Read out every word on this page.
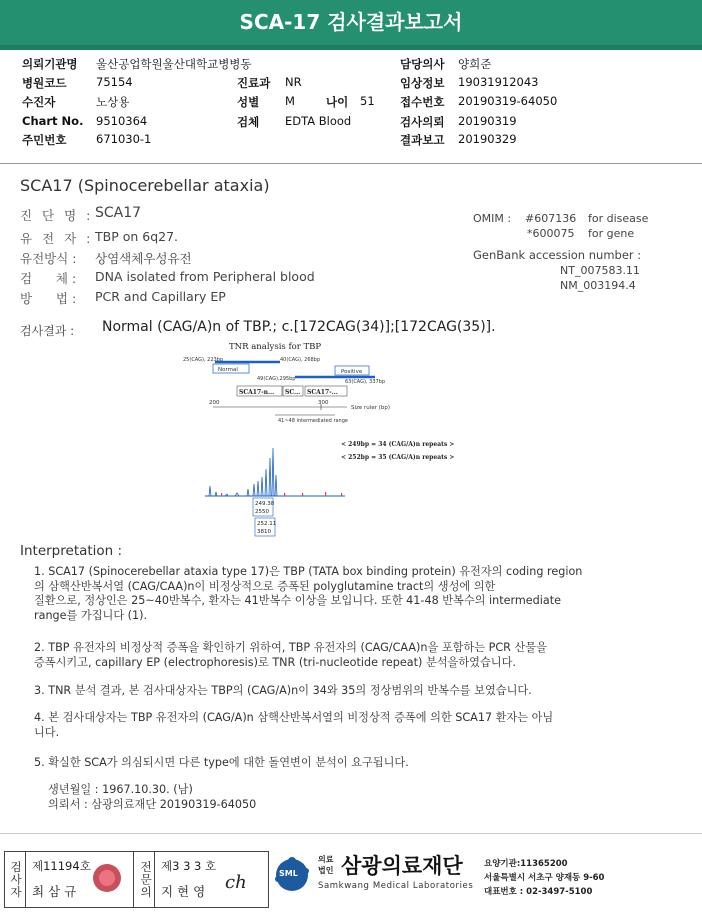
SCA-17 검사결과보고서
의뢰기관명 울산공업학원울산대학교병병동	담당의사 양희준
병원코드	75154	진료과 NR	임상정보 19031912043
수진자	노상용	성별 M	나이 51 접수번호 20190319-64050
Chart No. 9510364	검체 EDTA Blood	검사의뢰 20190319
주민번호	671030-1	결과보고 20190329
SCA17 (Spinocerebellar ataxia)
진 단 명 : SCA17
유 전 자 : TBP on 6q27.
유전방식 : 상염색체우성유전
검      체 : DNA isolated from Peripheral blood
방      법 : PCR and Capillary EP
OMIM : #607136 for disease
*600075 for gene
GenBank accession number :
NT_007583.11
NM_003194.4
검사결과 : Normal (CAG/A)n of TBP.; c.[172CAG(34)];[172CAG(35)].
TNR analysis for TBP
25(CAG), 223bp	40(CAG), 268bp
Normal	Positive
49(CAG),295bp	63(CAG), 337bp
SCA17-n... SC... SCA17-...
200	300
Size ruler (bp)
41~48 intermediated range
< 249bp = 34 (CAG/A)n repeats >
< 252bp = 35 (CAG/A)n repeats >
249.38
2550
252.11
3810
Interpretation :
1. SCA17 (Spinocerebellar ataxia type 17)은 TBP (TATA box binding protein) 유전자의 coding region
의 삼핵산반복서열 (CAG/CAA)n이 비정상적으로 증폭된 polyglutamine tract의 생성에 의한
질환으로, 정상인은 25~40반복수, 환자는 41반복수 이상을 보입니다. 또한 41-48 반복수의 intermediate
range를 가집니다 (1).
2. TBP 유전자의 비정상적 증폭을 확인하기 위하여, TBP 유전자의 (CAG/CAA)n을 포함하는 PCR 산물을
증폭시키고, capillary EP (electrophoresis)로 TNR (tri-nucleotide repeat) 분석을하였습니다.
3. TNR 분석 결과, 본 검사대상자는 TBP의 (CAG/A)n이 34와 35의 정상범위의 반복수를 보였습니다.
4. 본 검사대상자는 TBP 유전자의 (CAG/A)n 삼핵산반복서열의 비정상적 증폭에 의한 SCA17 환자는 아님
니다.
5. 확실한 SCA가 의심되시면 다른 type에 대한 돌연변이 분석이 요구됩니다.
생년월일 : 1967.10.30. (남)
의뢰서 : 삼광의료재단 20190319-64050
검사자 제11194호
최 삼 규	전문의 제3 3 3 호
지 현 영 ch	SML
의료
법인 삼광의료재단
Samkwang Medical Laboratories
요양기관:11365200
서울특별시 서초구 양재동 9-60
대표번호 : 02-3497-5100
